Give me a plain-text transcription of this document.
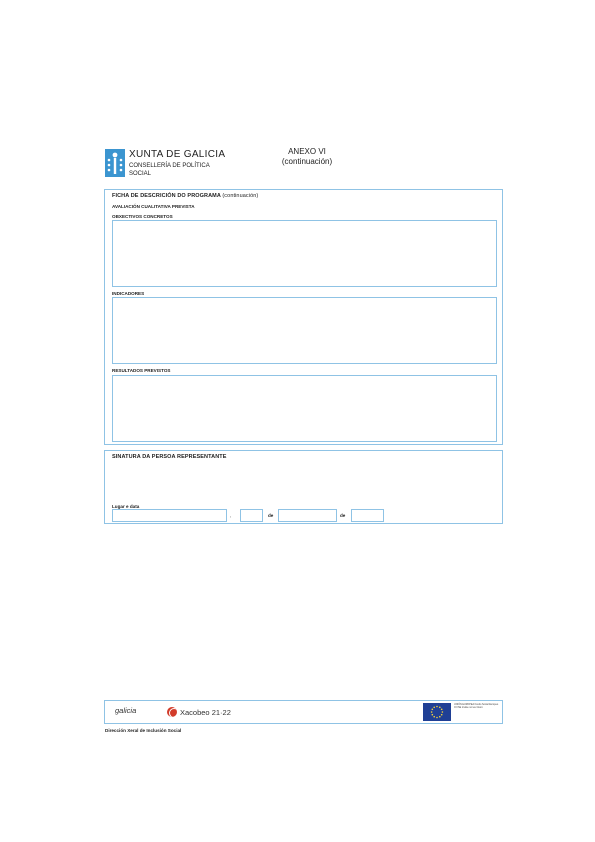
XUNTA DE GALICIA
CONSELLERÍA DE POLÍTICA
SOCIAL
ANEXO VI
(continuación)
FICHA DE DESCRICIÓN DO PROGRAMA (continuación)
AVALIACIÓN CUALITATIVA PREVISTA
OBXECTIVOS CONCRETOS
INDICADORES
RESULTADOS PREVISTOS
SINATURA DA PERSOA REPRESENTANTE
Lugar e data
,	de	de
galicia	Xacobeo 21·22
UNIÓN EUROPEA Fondo Social Europeo O FSE inviste no teu futuro
Dirección Xeral de Inclusión Social
